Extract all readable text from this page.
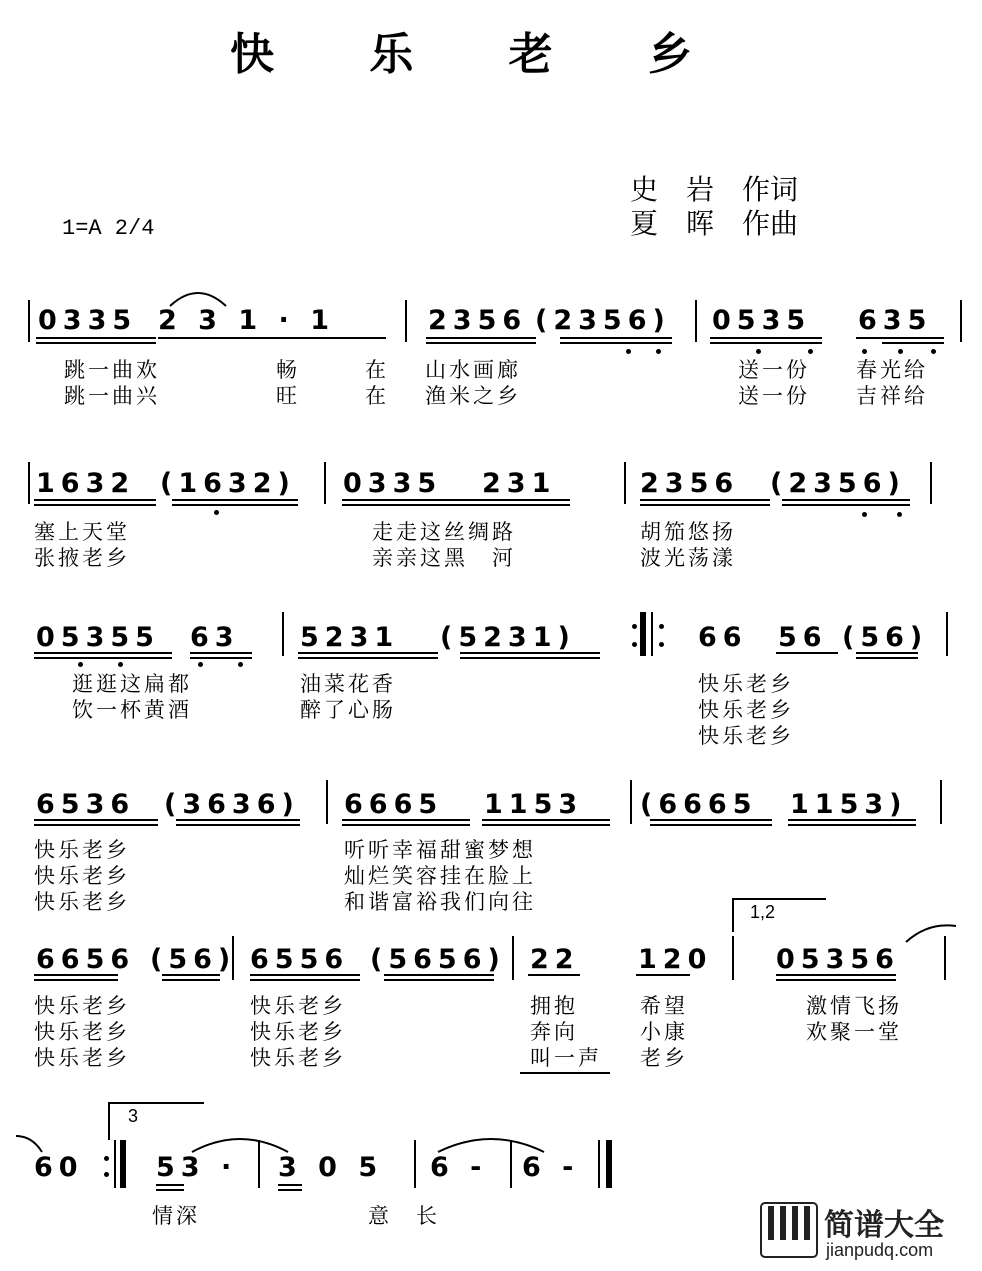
快 乐 老 乡
史　岩　作词
夏　晖　作曲
1=A 2/4
0335 2 3 1 · 1	2356 (2356) 0535 635
跳一曲欢	畅	在 山水画廊	送一份 春光给
跳一曲兴	旺	在 渔米之乡	送一份 吉祥给
1632 (1632) 0335 231	2356 (2356)
塞上天堂	走走这丝绸路	胡笳悠扬
张掖老乡	亲亲这黑　河	波光荡漾
05355 63 5231 (5231)	66 56 (56)
逛逛这扁都	油菜花香	快乐老乡
饮一杯黄酒	醉了心肠	快乐老乡
快乐老乡
6536 (3636) 6665 1153 (6665 1153)
快乐老乡	听听幸福甜蜜梦想
快乐老乡	灿烂笑容挂在脸上
快乐老乡	和谐富裕我们向往	1,2
6656 (56) 6556 (5656) 22 120 05356
快乐老乡	快乐老乡	拥抱	希望	激情飞扬
快乐老乡	快乐老乡	奔向	小康	欢聚一堂
快乐老乡	快乐老乡	叫一声 老乡
3
60	53 · 3 0 5 6 - 6 -
情深	意　长	简谱大全
jianpudq.com
